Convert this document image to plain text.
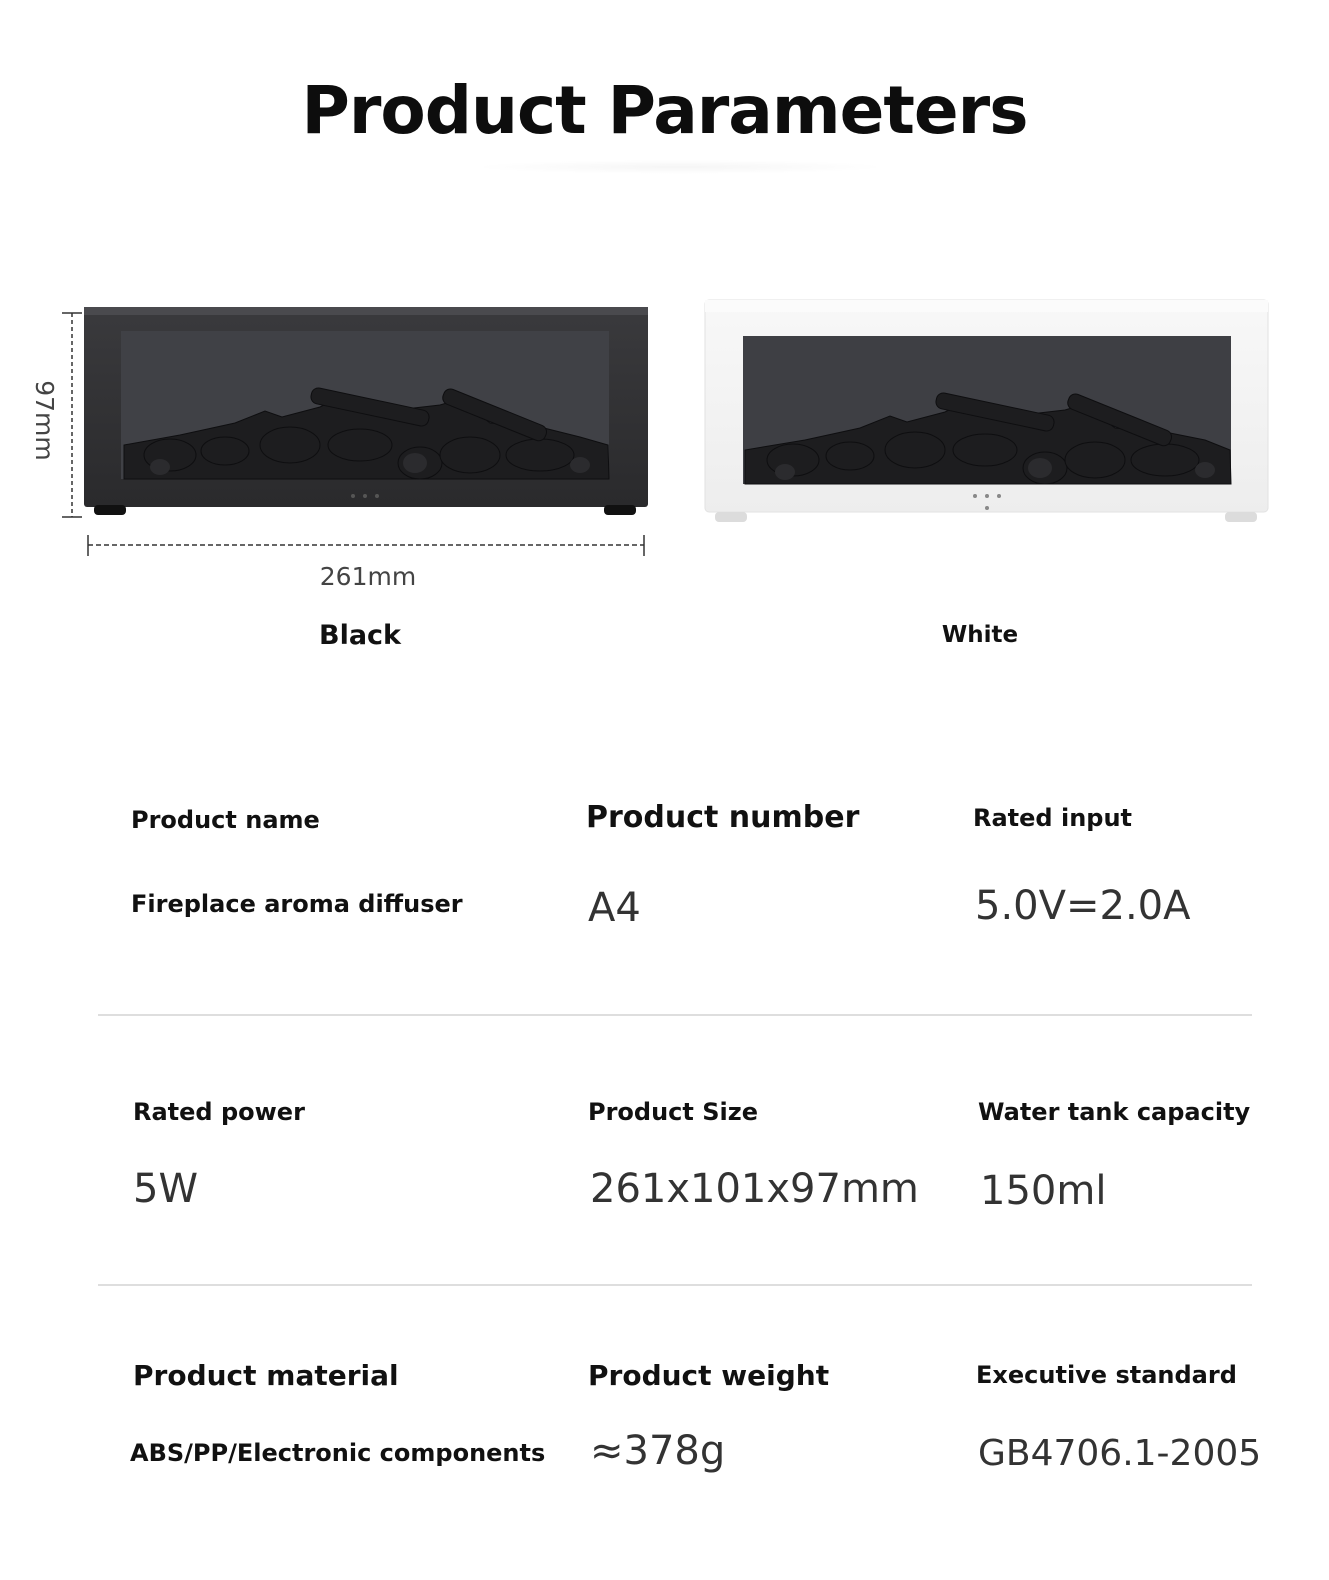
Product Parameters
97mm
261mm
Black	White
Product name	Product number	Rated input
Fireplace aroma diffuser	A4	5.0V=2.0A
Rated power	Product Size	Water tank capacity
5W	261x101x97mm 150ml
Product material	Product weight	Executive standard
ABS/PP/Electronic components ≈378g	GB4706.1-2005
